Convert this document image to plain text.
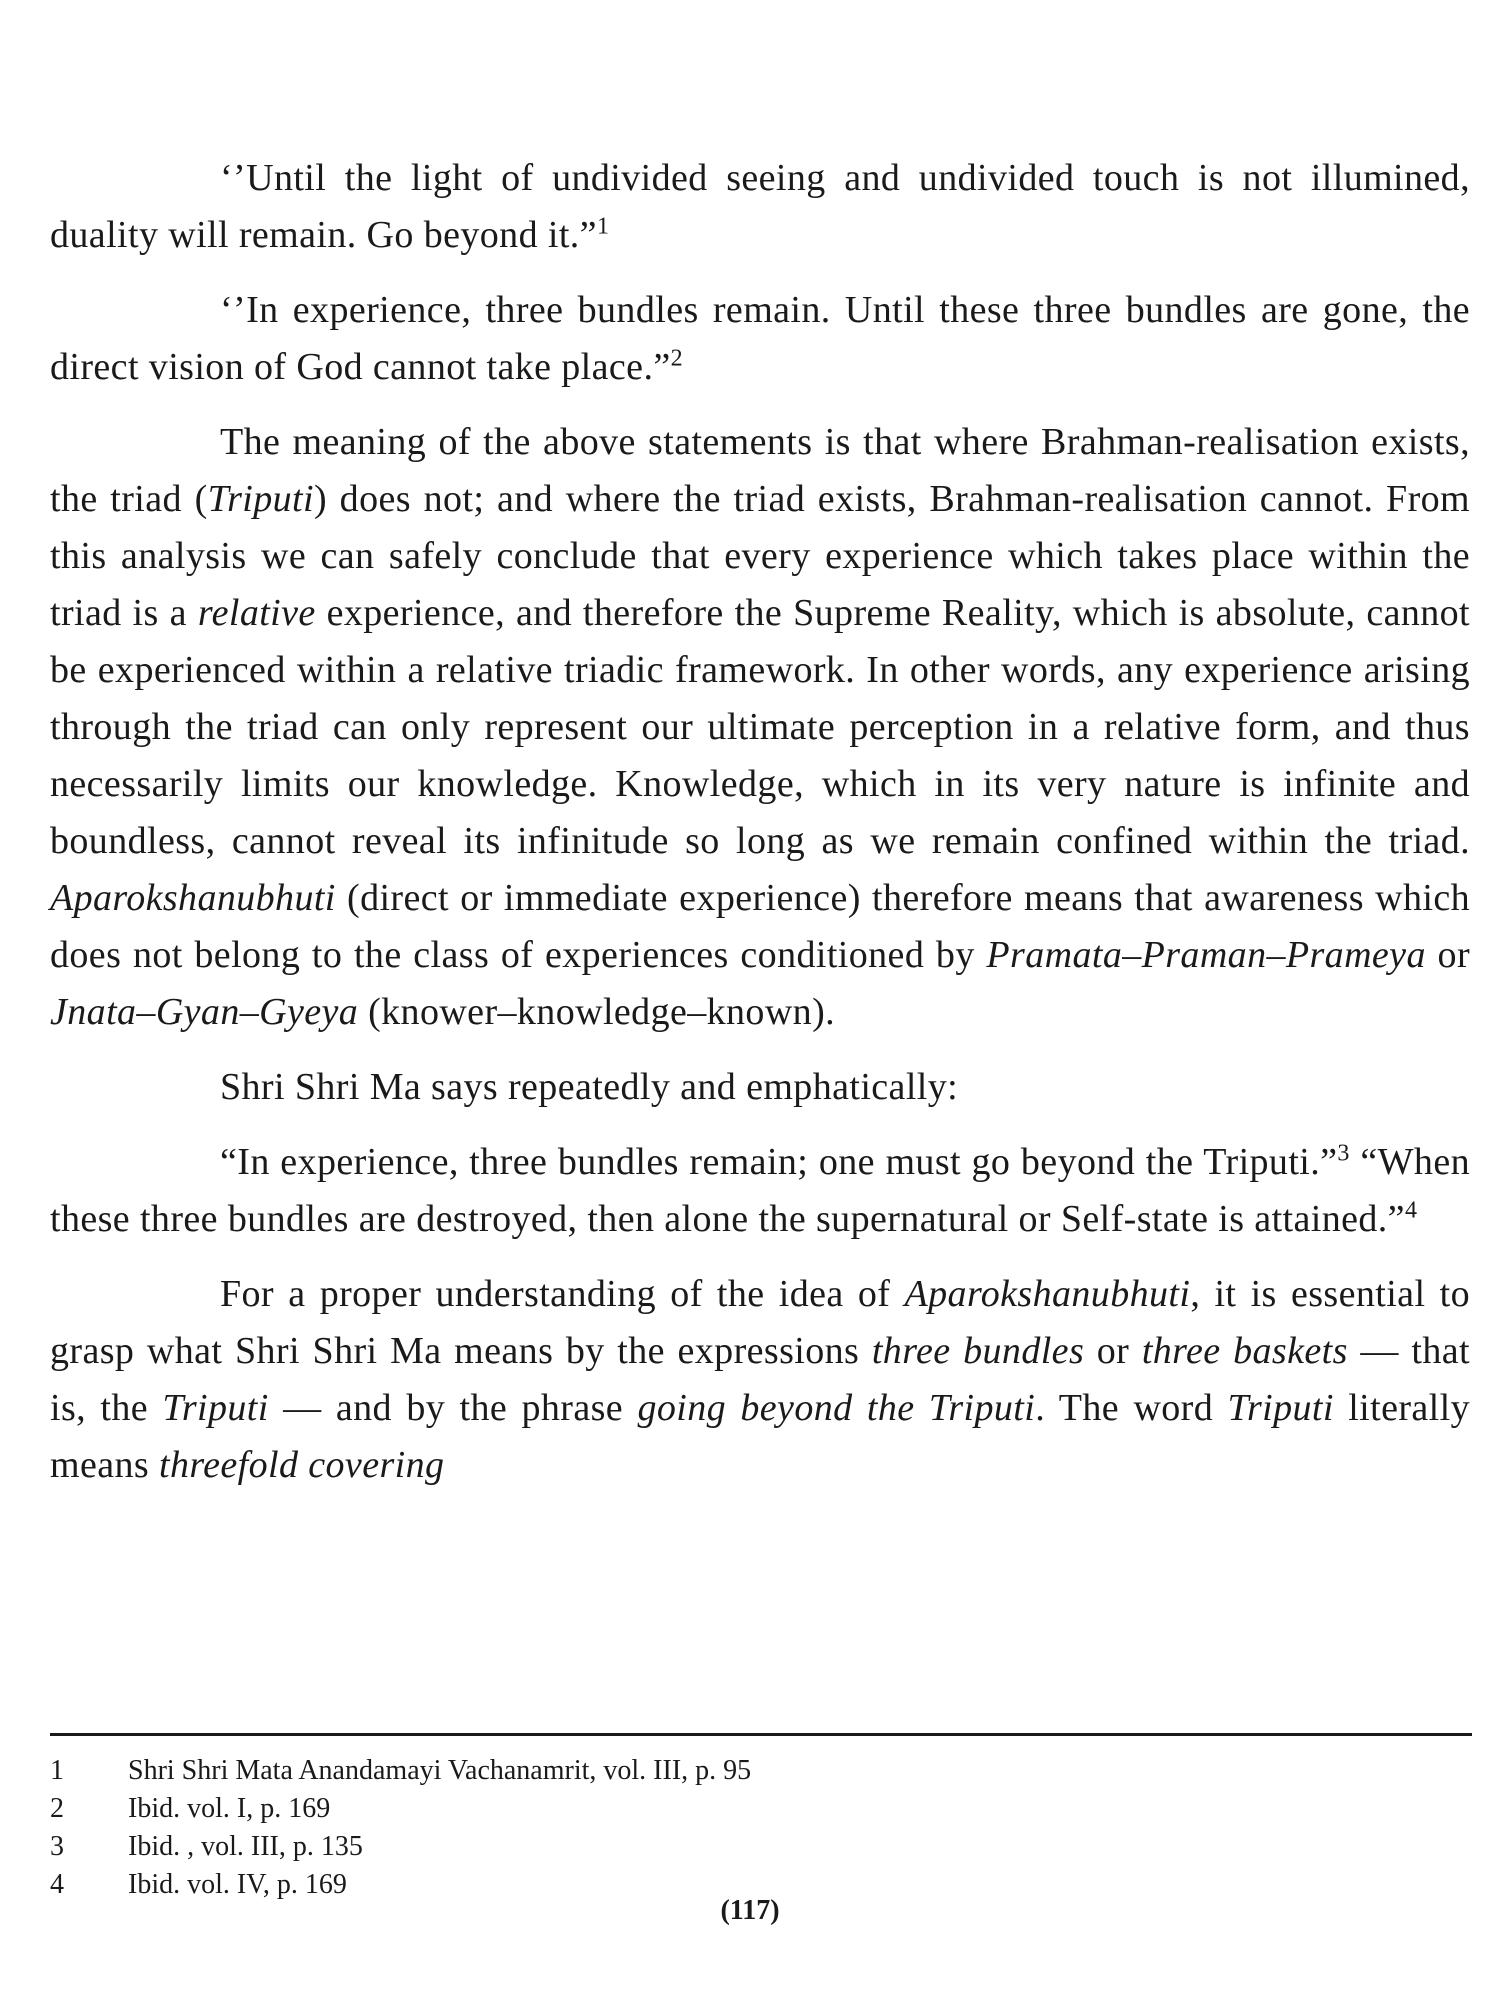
‘’Until the light of undivided seeing and undivided touch is not illumined, duality will remain. Go beyond it.”$^1$

‘’In experience, three bundles remain. Until these three bundles are gone, the direct vision of God cannot take place.”$^2$

The meaning of the above statements is that where Brahman-realisation exists, the triad (Triputi) does not; and where the triad exists, Brahman-realisation cannot. From this analysis we can safely conclude that every experience which takes place within the triad is a relative experience, and therefore the Supreme Reality, which is absolute, cannot be experienced within a relative triadic framework. In other words, any experience arising through the triad can only represent our ultimate perception in a relative form, and thus necessarily limits our knowledge. Knowledge, which in its very nature is infinite and boundless, cannot reveal its infinitude so long as we remain confined within the triad. Aparokshanubhuti (direct or immediate experience) therefore means that awareness which does not belong to the class of experiences conditioned by Pramata–Praman–Prameya or Jnata–Gyan–Gyeya (knower–knowledge–known).

Shri Shri Ma says repeatedly and emphatically:

“In experience, three bundles remain; one must go beyond the Triputi.”$^3$ “When these three bundles are destroyed, then alone the supernatural or Self-state is attained.”$^4$

For a proper understanding of the idea of Aparokshanubhuti, it is essential to grasp what Shri Shri Ma means by the expressions three bundles or three baskets — that is, the Triputi — and by the phrase going beyond the Triputi. The word Triputi literally means threefold covering

1	Shri Shri Mata Anandamayi Vachanamrit, vol. III, p. 95
2	Ibid. vol. I, p. 169
3	Ibid. , vol. III, p. 135
4	Ibid. vol. IV, p. 169
(117)
